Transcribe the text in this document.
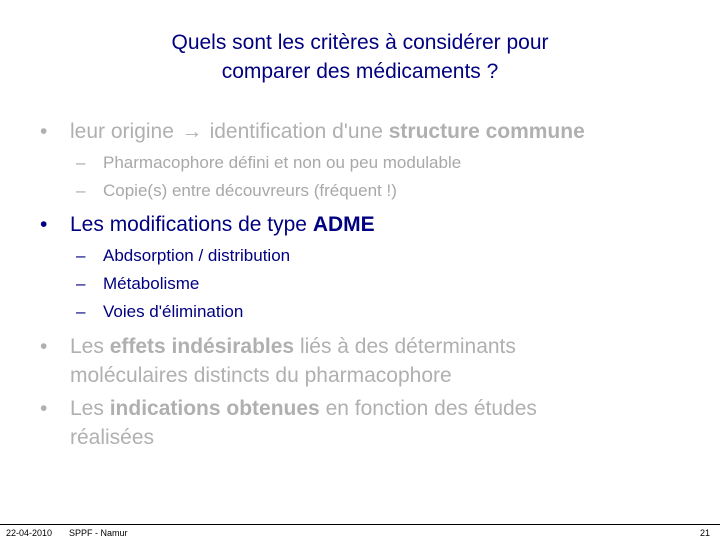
Quels sont les critères à considérer pour
comparer des médicaments ?
• leur origine → identification d'une structure commune
– Pharmacophore défini et non ou peu modulable
– Copie(s) entre découvreurs (fréquent !)
• Les modifications de type ADME
– Abdsorption / distribution
– Métabolisme
– Voies d'élimination
• Les effets indésirables liés à des déterminants
moléculaires distincts du pharmacophore
• Les indications obtenues en fonction des études
réalisées
22-04-2010 SPPF - Namur	21
